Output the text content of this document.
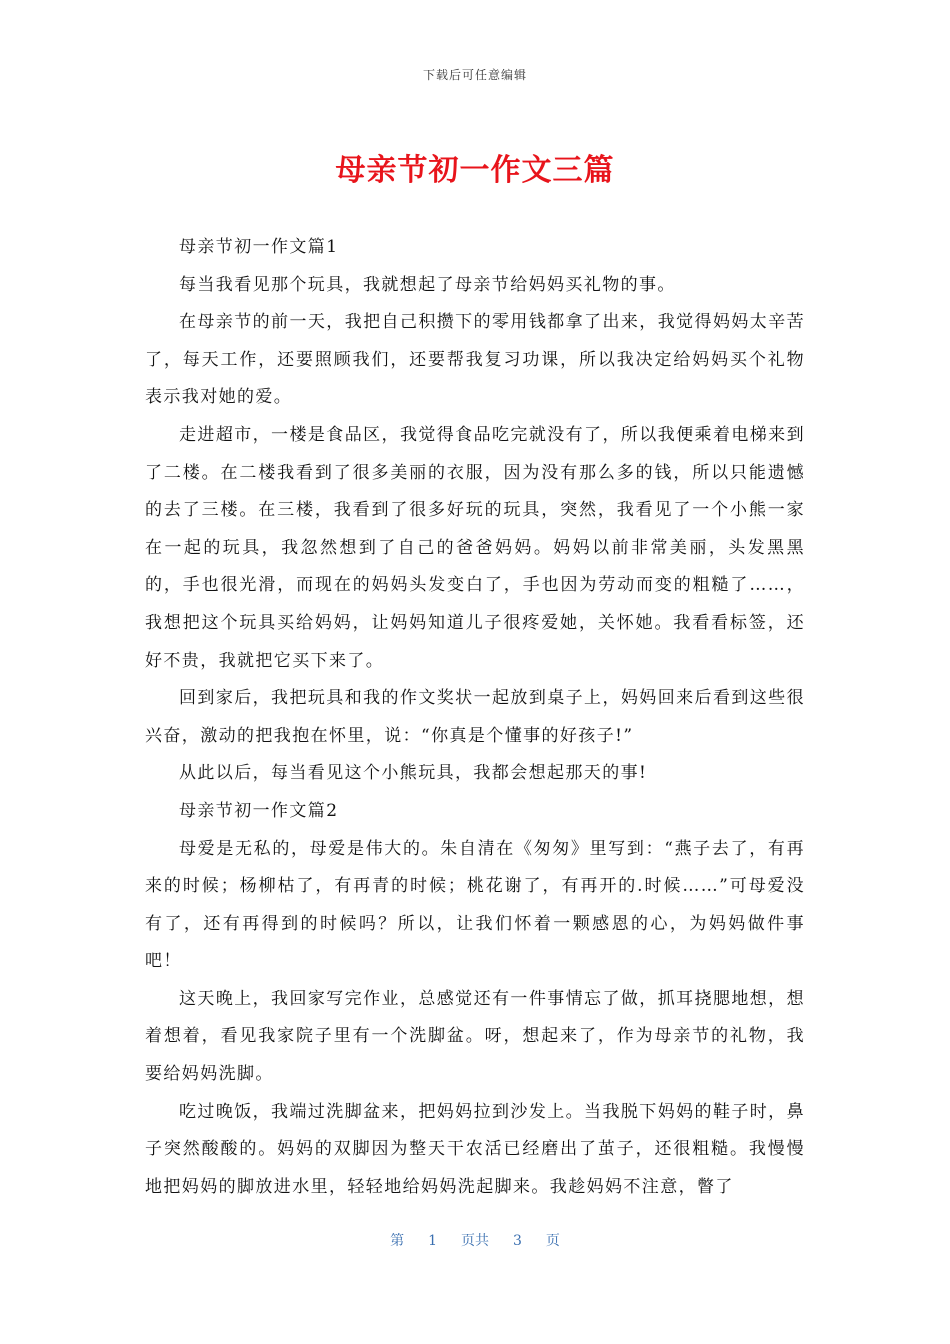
下载后可任意编辑
母亲节初一作文三篇

母亲节初一作文篇1

每当我看见那个玩具，我就想起了母亲节给妈妈买礼物的事。

在母亲节的前一天，我把自己积攒下的零用钱都拿了出来，我觉得妈妈太辛苦了，每天工作，还要照顾我们，还要帮我复习功课，所以我决定给妈妈买个礼物表示我对她的爱。

走进超市，一楼是食品区，我觉得食品吃完就没有了，所以我便乘着电梯来到了二楼。在二楼我看到了很多美丽的衣服，因为没有那么多的钱，所以只能遗憾的去了三楼。在三楼，我看到了很多好玩的玩具，突然，我看见了一个小熊一家在一起的玩具，我忽然想到了自己的爸爸妈妈。妈妈以前非常美丽，头发黑黑的，手也很光滑，而现在的妈妈头发变白了，手也因为劳动而变的粗糙了……，我想把这个玩具买给妈妈，让妈妈知道儿子很疼爱她，关怀她。我看看标签，还好不贵，我就把它买下来了。

回到家后，我把玩具和我的作文奖状一起放到桌子上，妈妈回来后看到这些很兴奋，激动的把我抱在怀里，说：“你真是个懂事的好孩子!”

从此以后，每当看见这个小熊玩具，我都会想起那天的事!

母亲节初一作文篇2

母爱是无私的，母爱是伟大的。朱自清在《匆匆》里写到：“燕子去了，有再来的时候；杨柳枯了，有再青的时候；桃花谢了，有再开的.时候……”可母爱没有了，还有再得到的时候吗？所以，让我们怀着一颗感恩的心，为妈妈做件事吧！

这天晚上，我回家写完作业，总感觉还有一件事情忘了做，抓耳挠腮地想，想着想着，看见我家院子里有一个洗脚盆。呀，想起来了，作为母亲节的礼物，我要给妈妈洗脚。

吃过晚饭，我端过洗脚盆来，把妈妈拉到沙发上。当我脱下妈妈的鞋子时，鼻子突然酸酸的。妈妈的双脚因为整天干农活已经磨出了茧子，还很粗糙。我慢慢地把妈妈的脚放进水里，轻轻地给妈妈洗起脚来。我趁妈妈不注意，瞥了

第 1 页共 3 页
